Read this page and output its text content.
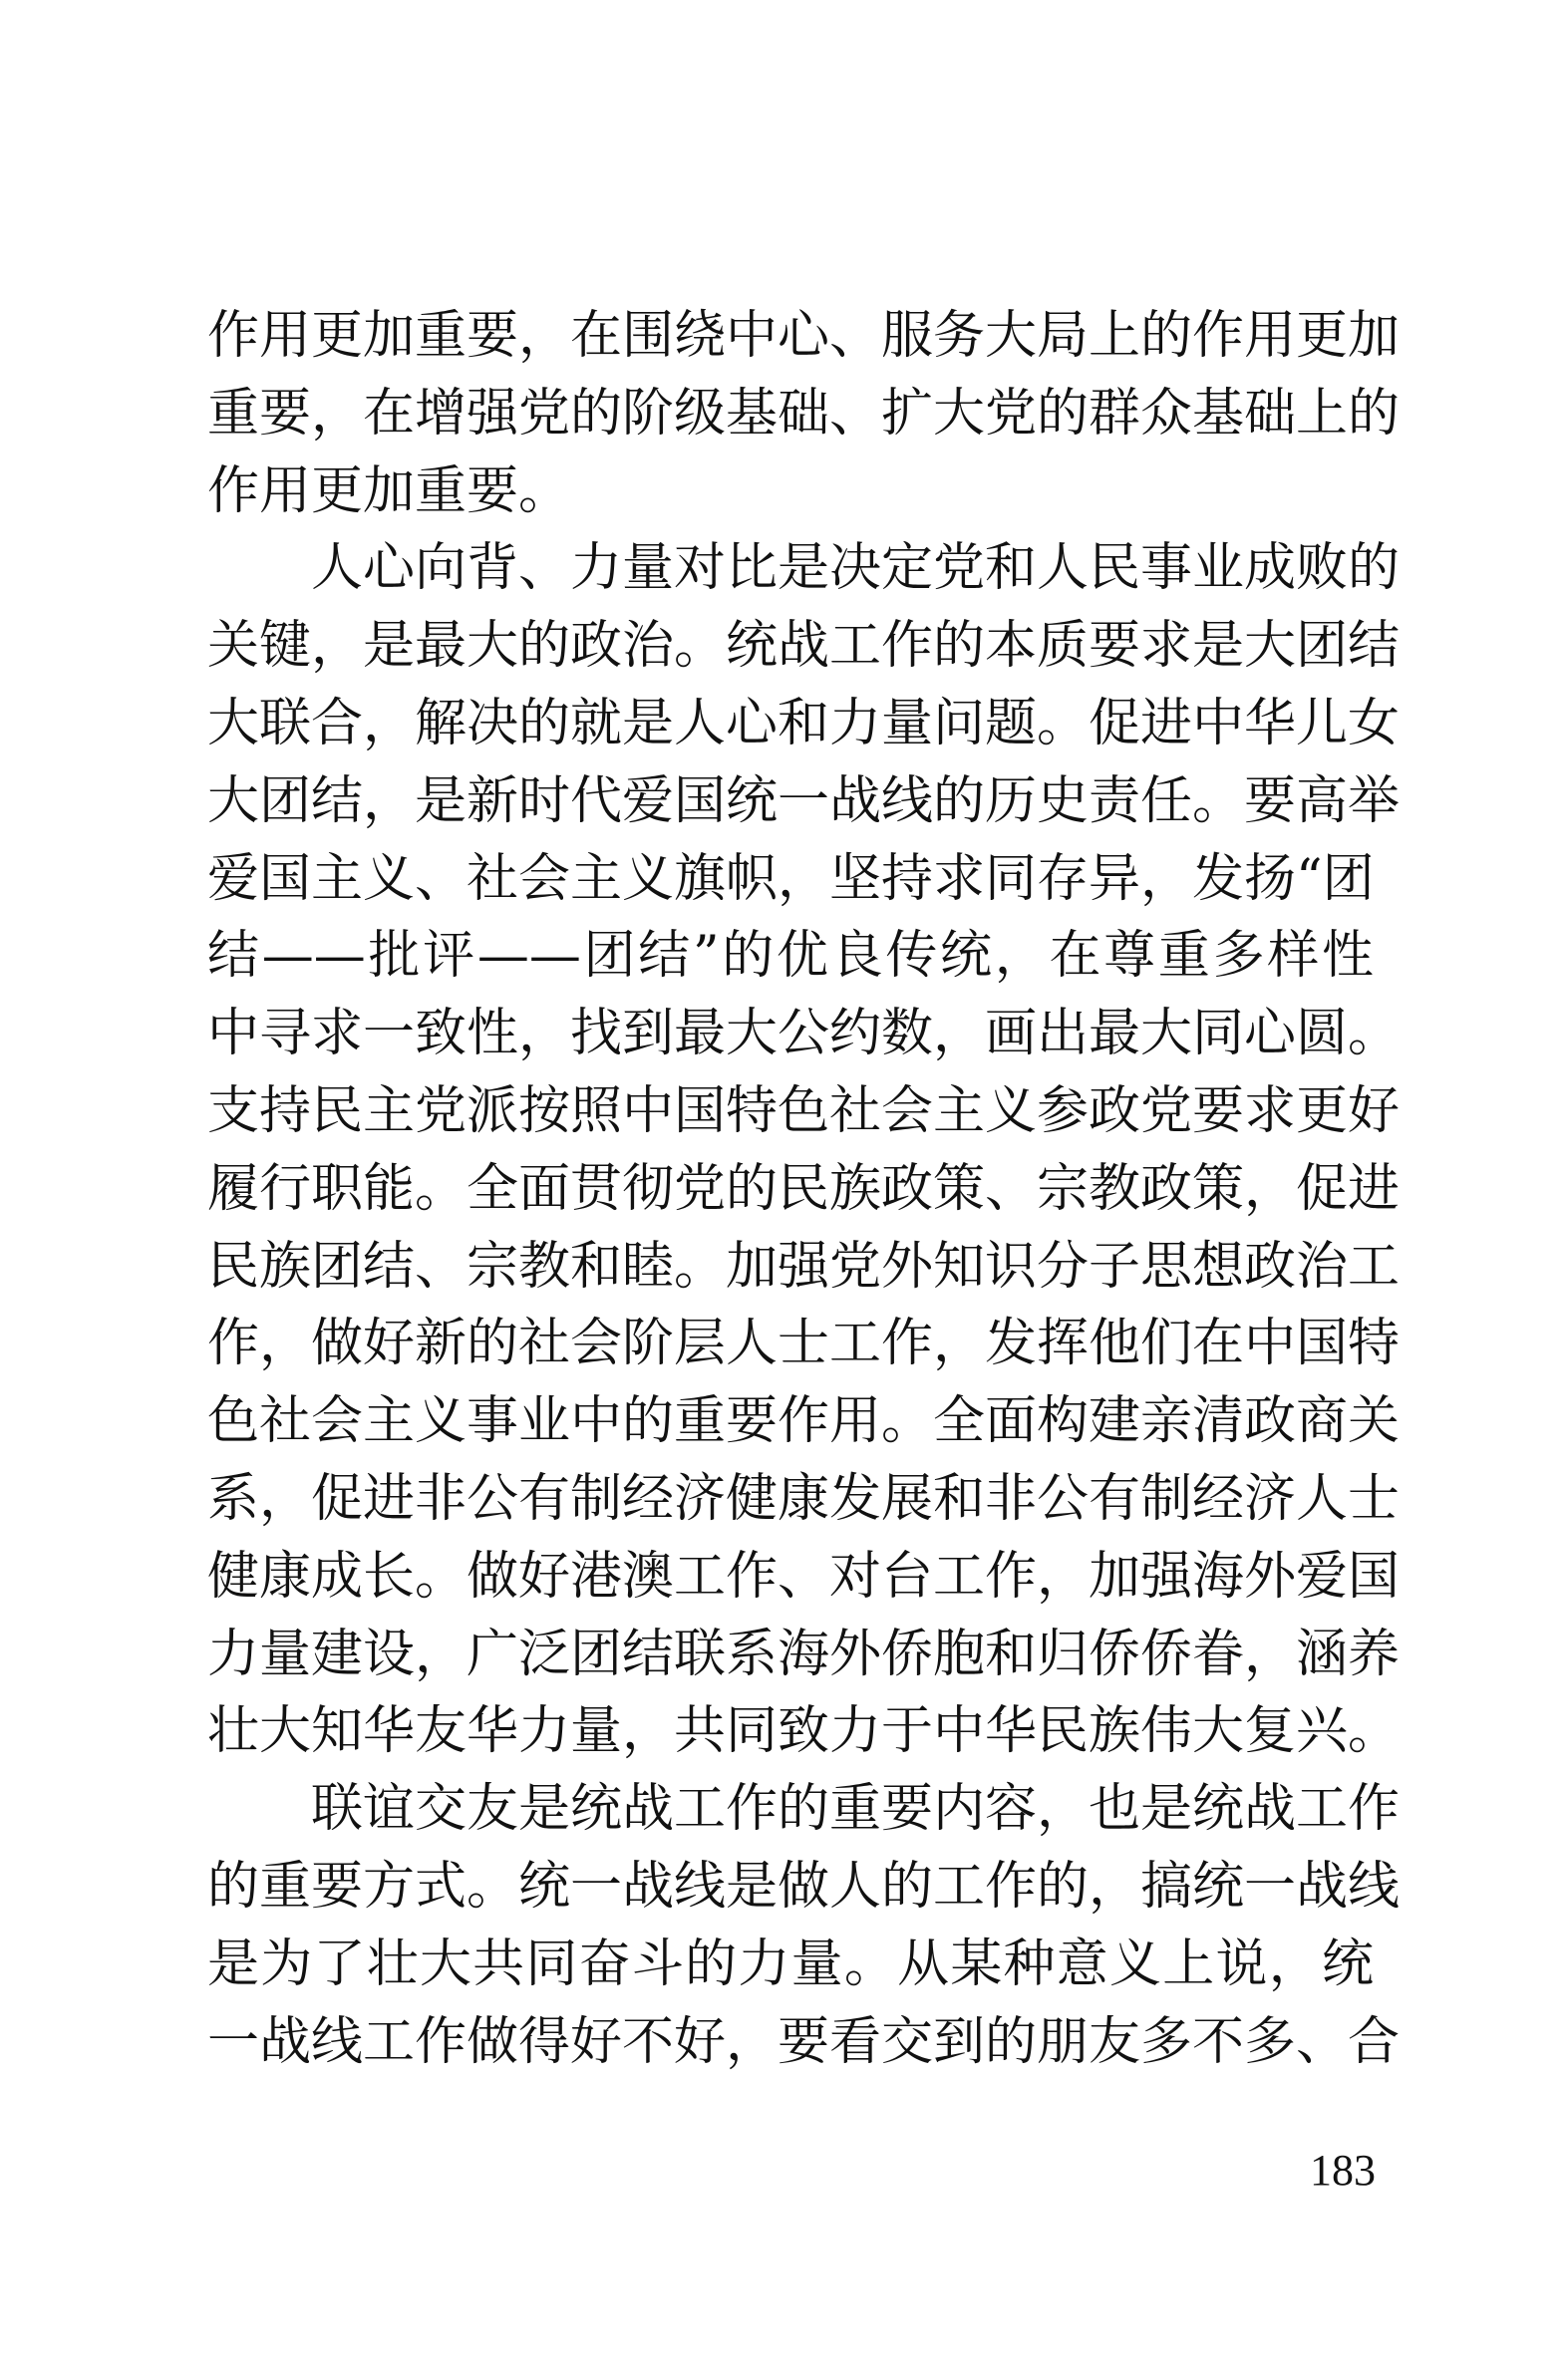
作用更加重要，在围绕中心、服务大局上的作用更加
重要，在增强党的阶级基础、扩大党的群众基础上的
作用更加重要。
人心向背、力量对比是决定党和人民事业成败的
关键，是最大的政治。统战工作的本质要求是大团结
大联合，解决的就是人心和力量问题。促进中华儿女
大团结，是新时代爱国统一战线的历史责任。要高举
爱国主义、社会主义旗帜，坚持求同存异，发扬“团
结——批评——团结”的优良传统，在尊重多样性
中寻求一致性，找到最大公约数，画出最大同心圆。
支持民主党派按照中国特色社会主义参政党要求更好
履行职能。全面贯彻党的民族政策、宗教政策，促进
民族团结、宗教和睦。加强党外知识分子思想政治工
作，做好新的社会阶层人士工作，发挥他们在中国特
色社会主义事业中的重要作用。全面构建亲清政商关
系，促进非公有制经济健康发展和非公有制经济人士
健康成长。做好港澳工作、对台工作，加强海外爱国
力量建设，广泛团结联系海外侨胞和归侨侨眷，涵养
壮大知华友华力量，共同致力于中华民族伟大复兴。
联谊交友是统战工作的重要内容，也是统战工作
的重要方式。统一战线是做人的工作的，搞统一战线
是为了壮大共同奋斗的力量。从某种意义上说，统
一战线工作做得好不好，要看交到的朋友多不多、合
183
